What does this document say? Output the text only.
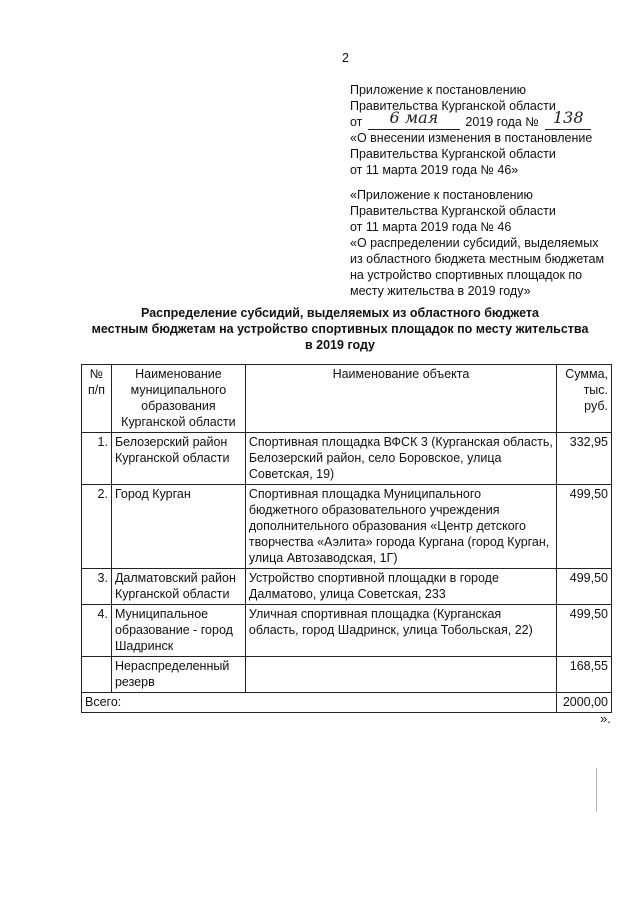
2
Приложение к постановлению
Правительства Курганской области
от	6 мая	2019 года № 138
«О внесении изменения в постановление
Правительства Курганской области
от 11 марта 2019 года № 46»
«Приложение к постановлению
Правительства Курганской области
от 11 марта 2019 года № 46
«О распределении субсидий, выделяемых
из областного бюджета местным бюджетам
на устройство спортивных площадок по
месту жительства в 2019 году»
Распределение субсидий, выделяемых из областного бюджета
местным бюджетам на устройство спортивных площадок по месту жительства
в 2019 году
№ п/п	Наименование муниципального образования Курганской области	Наименование объекта	Сумма, тыс. руб.
1.	Белозерский район Курганской области	Спортивная площадка ВФСК 3 (Курганская область, Белозерский район, село Боровское, улица Советская, 19)	332,95
2.	Город Курган	Спортивная площадка Муниципального бюджетного образовательного учреждения дополнительного образования «Центр детского творчества «Аэлита» города Кургана (город Курган, улица Автозаводская, 1Г)	499,50
3.	Далматовский район Курганской области	Устройство спортивной площадки в городе Далматово, улица Советская, 233	499,50
4.	Муниципальное образование - город Шадринск	Уличная спортивная площадка (Курганская область, город Шадринск, улица Тобольская, 22)	499,50
	Нераспределенный резерв		168,55
Всего:			2000,00
».
